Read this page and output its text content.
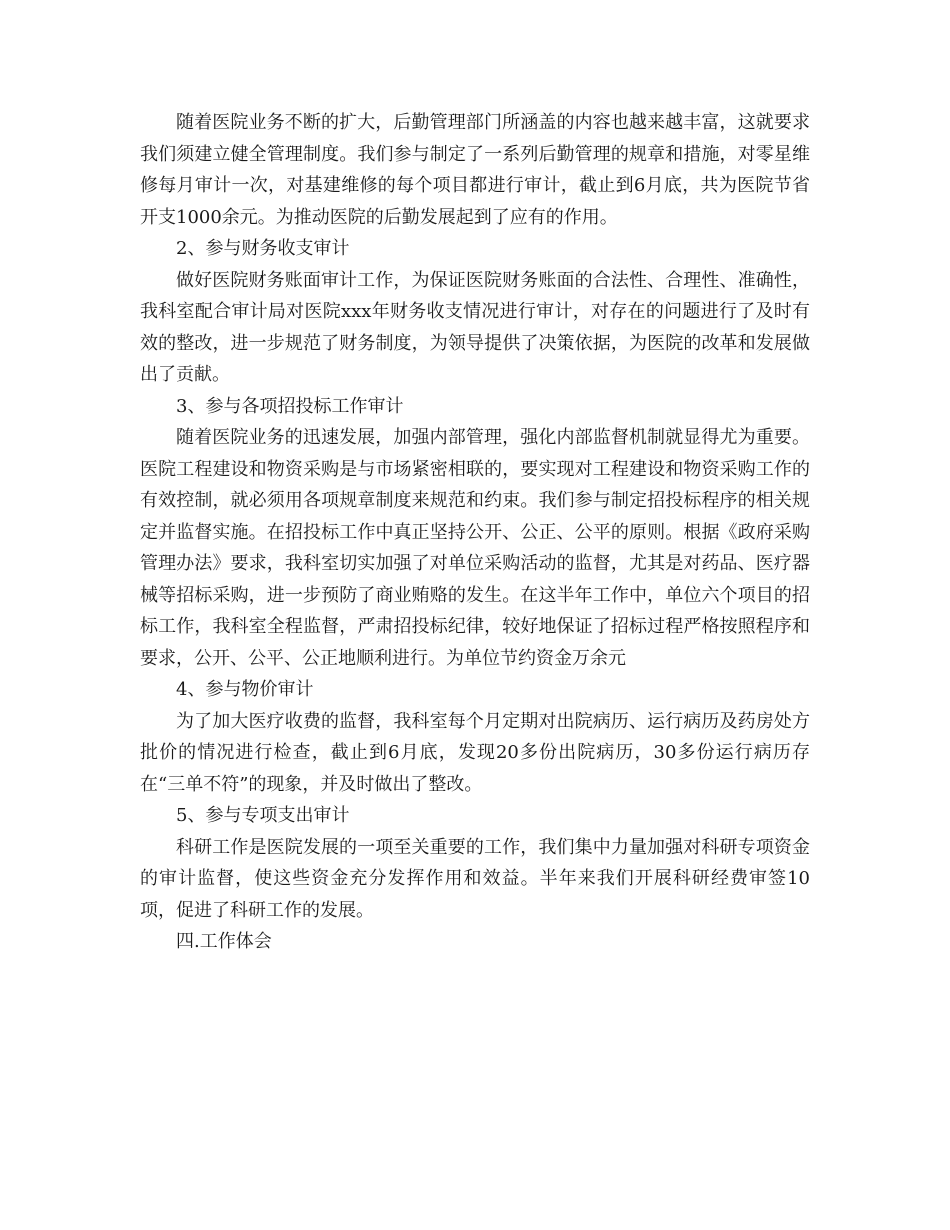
随着医院业务不断的扩大，后勤管理部门所涵盖的内容也越来越丰富，这就要求我们须建立健全管理制度。我们参与制定了一系列后勤管理的规章和措施，对零星维修每月审计一次，对基建维修的每个项目都进行审计，截止到6月底，共为医院节省开支1000余元。为推动医院的后勤发展起到了应有的作用。

2、参与财务收支审计

做好医院财务账面审计工作，为保证医院财务账面的合法性、合理性、准确性，我科室配合审计局对医院xxx年财务收支情况进行审计，对存在的问题进行了及时有效的整改，进一步规范了财务制度，为领导提供了决策依据，为医院的改革和发展做出了贡献。

3、参与各项招投标工作审计

随着医院业务的迅速发展，加强内部管理，强化内部监督机制就显得尤为重要。医院工程建设和物资采购是与市场紧密相联的，要实现对工程建设和物资采购工作的有效控制，就必须用各项规章制度来规范和约束。我们参与制定招投标程序的相关规定并监督实施。在招投标工作中真正坚持公开、公正、公平的原则。根据《政府采购管理办法》要求，我科室切实加强了对单位采购活动的监督，尤其是对药品、医疗器械等招标采购，进一步预防了商业贿赂的发生。在这半年工作中，单位六个项目的招标工作，我科室全程监督，严肃招投标纪律，较好地保证了招标过程严格按照程序和要求，公开、公平、公正地顺利进行。为单位节约资金万余元

4、参与物价审计

为了加大医疗收费的监督，我科室每个月定期对出院病历、运行病历及药房处方批价的情况进行检查，截止到6月底，发现20多份出院病历，30多份运行病历存在“三单不符”的现象，并及时做出了整改。

5、参与专项支出审计

科研工作是医院发展的一项至关重要的工作，我们集中力量加强对科研专项资金的审计监督，使这些资金充分发挥作用和效益。半年来我们开展科研经费审签10项，促进了科研工作的发展。

四.工作体会
